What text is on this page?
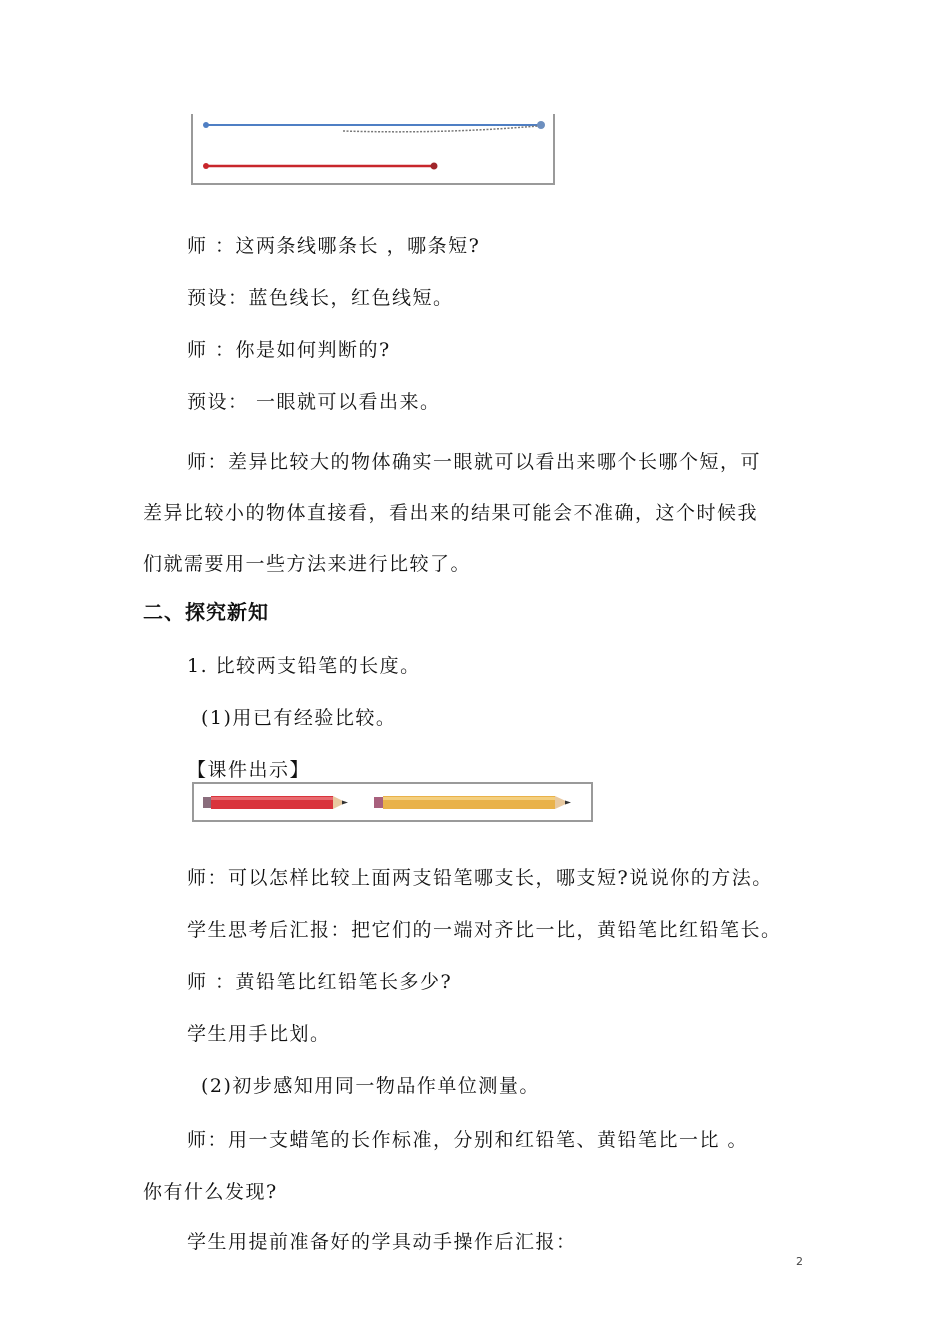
师 ：这两条线哪条长 ，哪条短?
预设：蓝色线长，红色线短。
师 ：你是如何判断的?
预设： 一眼就可以看出来。
师：差异比较大的物体确实一眼就可以看出来哪个长哪个短，可
差异比较小的物体直接看，看出来的结果可能会不准确，这个时候我
们就需要用一些方法来进行比较了。
二、探究新知
1. 比较两支铅笔的长度。
(1)用已有经验比较。
【课件出示】
师：可以怎样比较上面两支铅笔哪支长，哪支短?说说你的方法。
学生思考后汇报：把它们的一端对齐比一比，黄铅笔比红铅笔长。
师 ：黄铅笔比红铅笔长多少?
学生用手比划。
(2)初步感知用同一物品作单位测量。
师：用一支蜡笔的长作标准，分别和红铅笔、黄铅笔比一比 。
你有什么发现?
学生用提前准备好的学具动手操作后汇报：
2
